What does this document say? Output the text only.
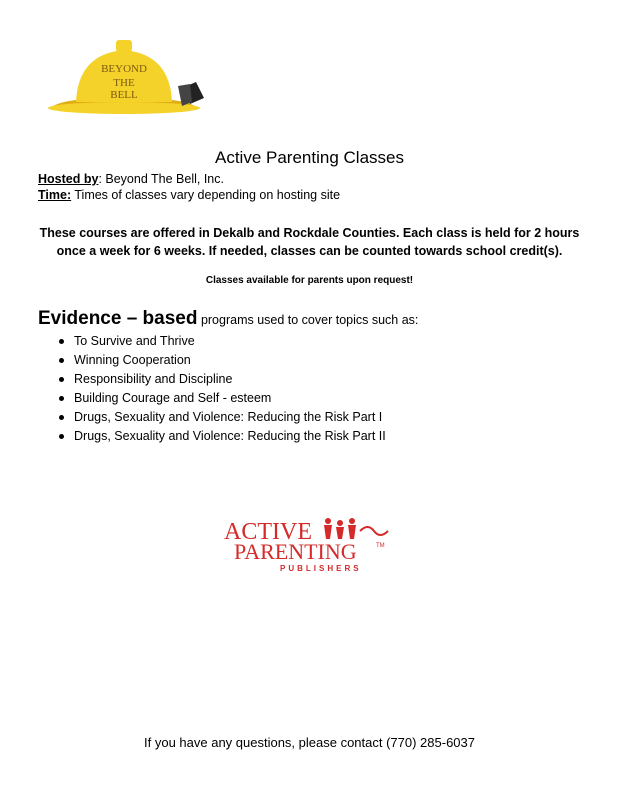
BEYOND
THE
BELL
Active Parenting Classes
Hosted by: Beyond The Bell, Inc.
Time: Times of classes vary depending on hosting site
These courses are offered in Dekalb and Rockdale Counties. Each class is held for 2 hours
once a week for 6 weeks. If needed, classes can be counted towards school credit(s).
Classes available for parents upon request!
Evidence – based programs used to cover topics such as:
To Survive and Thrive
Winning Cooperation
Responsibility and Discipline
Building Courage and Self - esteem
Drugs, Sexuality and Violence: Reducing the Risk Part I
Drugs, Sexuality and Violence: Reducing the Risk Part II
ACTIVE
PARENTING	TM
PUBLISHERS
If you have any questions, please contact (770) 285-6037
